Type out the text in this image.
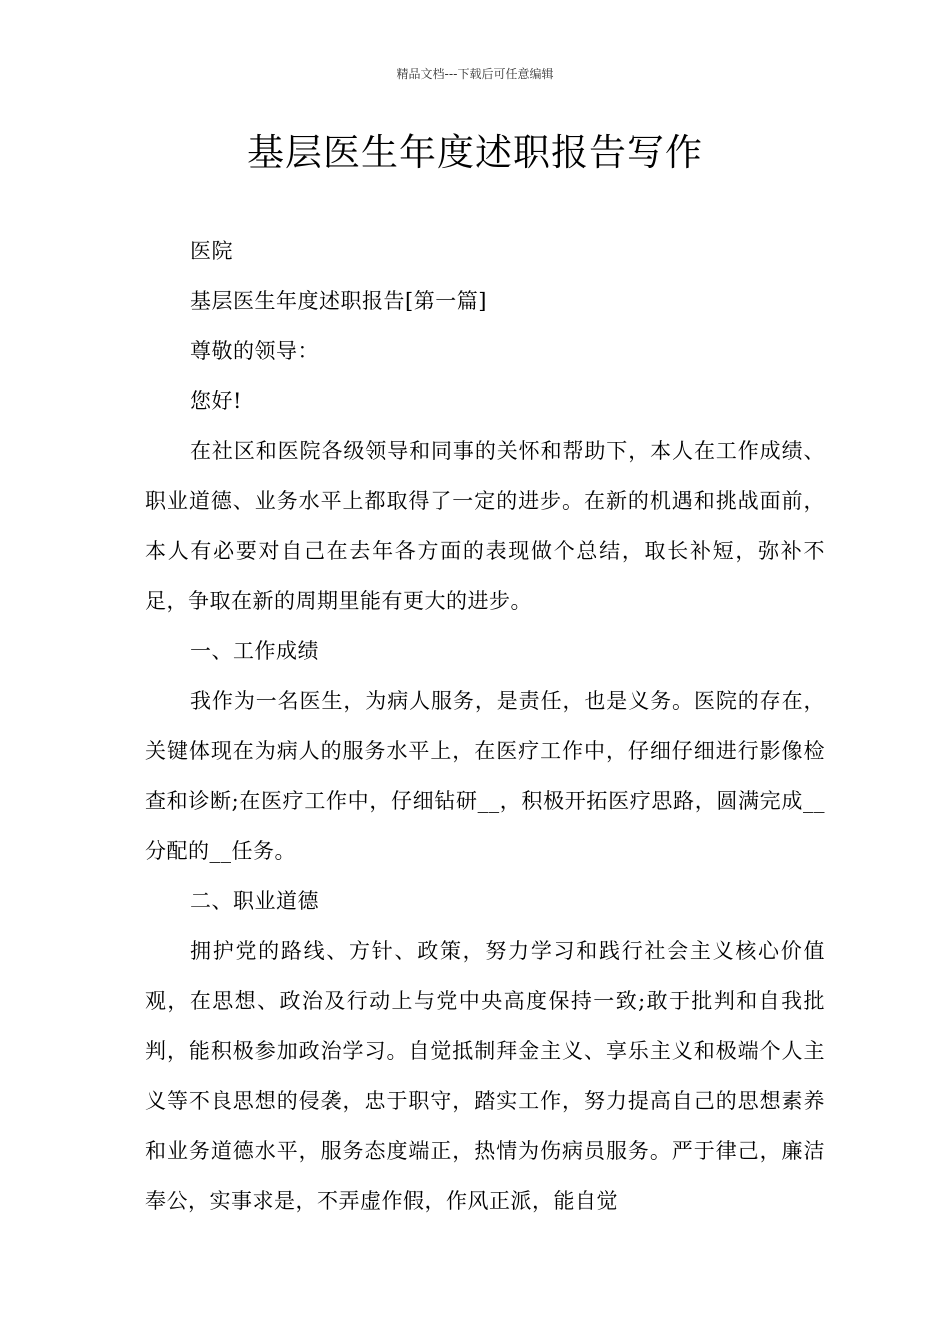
精品文档---下载后可任意编辑
基层医生年度述职报告写作

医院

基层医生年度述职报告[第一篇]

尊敬的领导：

您好!

在社区和医院各级领导和同事的关怀和帮助下，本人在工作成绩、职业道德、业务水平上都取得了一定的进步。在新的机遇和挑战面前，本人有必要对自己在去年各方面的表现做个总结，取长补短，弥补不足，争取在新的周期里能有更大的进步。

一、工作成绩

我作为一名医生，为病人服务，是责任，也是义务。医院的存在，关键体现在为病人的服务水平上，在医疗工作中，仔细仔细进行影像检查和诊断;在医疗工作中，仔细钻研__，积极开拓医疗思路，圆满完成__分配的__任务。

二、职业道德

拥护党的路线、方针、政策，努力学习和践行社会主义核心价值观，在思想、政治及行动上与党中央高度保持一致;敢于批判和自我批判，能积极参加政治学习。自觉抵制拜金主义、享乐主义和极端个人主义等不良思想的侵袭，忠于职守，踏实工作，努力提高自己的思想素养和业务道德水平，服务态度端正，热情为伤病员服务。严于律己，廉洁奉公，实事求是，不弄虚作假，作风正派，能自觉
